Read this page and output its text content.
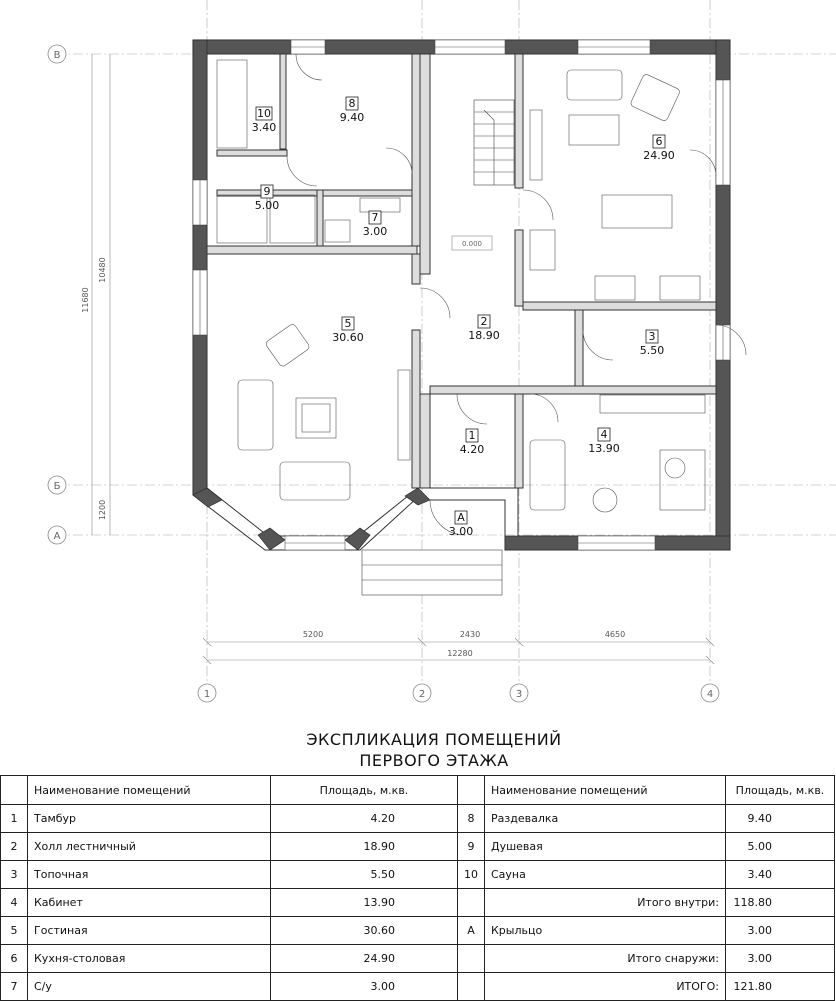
5200	2430	4650
12280
10480
11680
1200
1	2	3	4
В
Б
А
0.000
1
4.20
2
18.90	3
5.50
4
13.90
5
30.60
6
24.90
7
3.00
8
9.40
9
5.00
10
3.40
А
3.00
ЭКСПЛИКАЦИЯ ПОМЕЩЕНИЙ
ПЕРВОГО ЭТАЖА
	Наименование помещений	Площадь, м.кв.		Наименование помещений	Площадь, м.кв.
1	Тамбур	4.20	8	Раздевалка	9.40
2	Холл лестничный	18.90	9	Душевая	5.00
3	Топочная	5.50	10	Сауна	3.40
4	Кабинет	13.90		Итого внутри:	118.80
5	Гостиная	30.60	А	Крыльцо	3.00
6	Кухня-столовая	24.90		Итого снаружи:	3.00
7	С/у	3.00		ИТОГО:	121.80
